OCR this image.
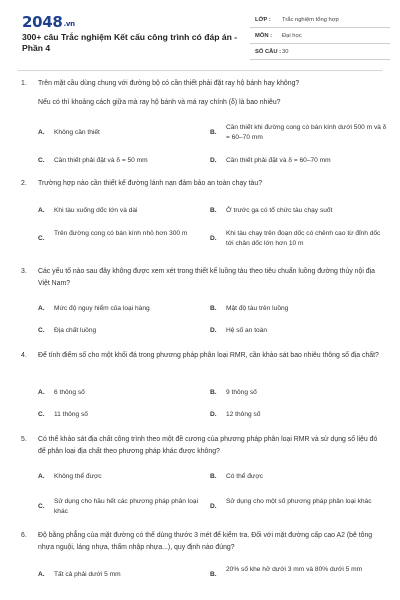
2048.vn
300+ câu Trắc nghiệm Kết cấu công trình có đáp án - Phần 4
LỚP : Trắc nghiệm tổng hợp
MÔN : Đại học
SỐ CÂU : 30
1. Trên mặt cầu dùng chung với đường bộ có cần thiết phải đặt ray hộ bánh hay không?
Nếu có thì khoảng cách giữa mà ray hộ bánh và má ray chính (δ) là bao nhiêu?
A. Không cần thiết	B.
Cần thiết khi đường cong có bán kính dưới 500 m và δ = 60–70 mm
C. Cần thiết phải đặt và δ = 50 mm	D. Cần thiết phải đặt và δ = 60–70 mm
2. Trường hợp nào cần thiết kế đường lánh nạn đảm bảo an toàn chạy tàu?
A. Khi tàu xuống dốc lớn và dài	B. Ở trước ga có tổ chức tàu chạy suốt
C.
Trên đường cong có bán kính nhỏ hơn 300 m
D.
Khi tàu chạy trên đoạn dốc có chênh cao từ đỉnh dốc tới chân dốc lớn hơn 10 m
3. Các yếu tố nào sau đây không được xem xét trong thiết kế luồng tàu theo tiêu chuẩn luồng đường thủy nội địa Việt Nam?
A. Mức độ nguy hiểm của loại hàng	B. Mật độ tàu trên luồng
C. Địa chất luồng	D. Hệ số an toàn
4. Để tính điểm số cho một khối đá trong phương pháp phân loại RMR, cần khảo sát bao nhiêu thông số địa chất?
A. 6 thông số	B. 9 thông số
C. 11 thông số	D. 12 thông số
5. Có thể khảo sát địa chất công trình theo một đề cương của phương pháp phân loại RMR và sử dụng số liệu đó để phân loại địa chất theo phương pháp khác được không?
A. Không thể được	B. Có thể được
C.
Sử dụng cho hầu hết các phương pháp phân loại khác
D.
Sử dụng cho một số phương pháp phân loại khác
6. Độ bằng phẳng của mặt đường có thể dùng thước 3 mét để kiểm tra. Đối với mặt đường cấp cao A2 (bê tông nhựa nguội, láng nhựa, thấm nhập nhựa...), quy định nào đúng?
A. Tất cả phải dưới 5 mm	B.
20% số khe hở dưới 3 mm và 80% dưới 5 mm
